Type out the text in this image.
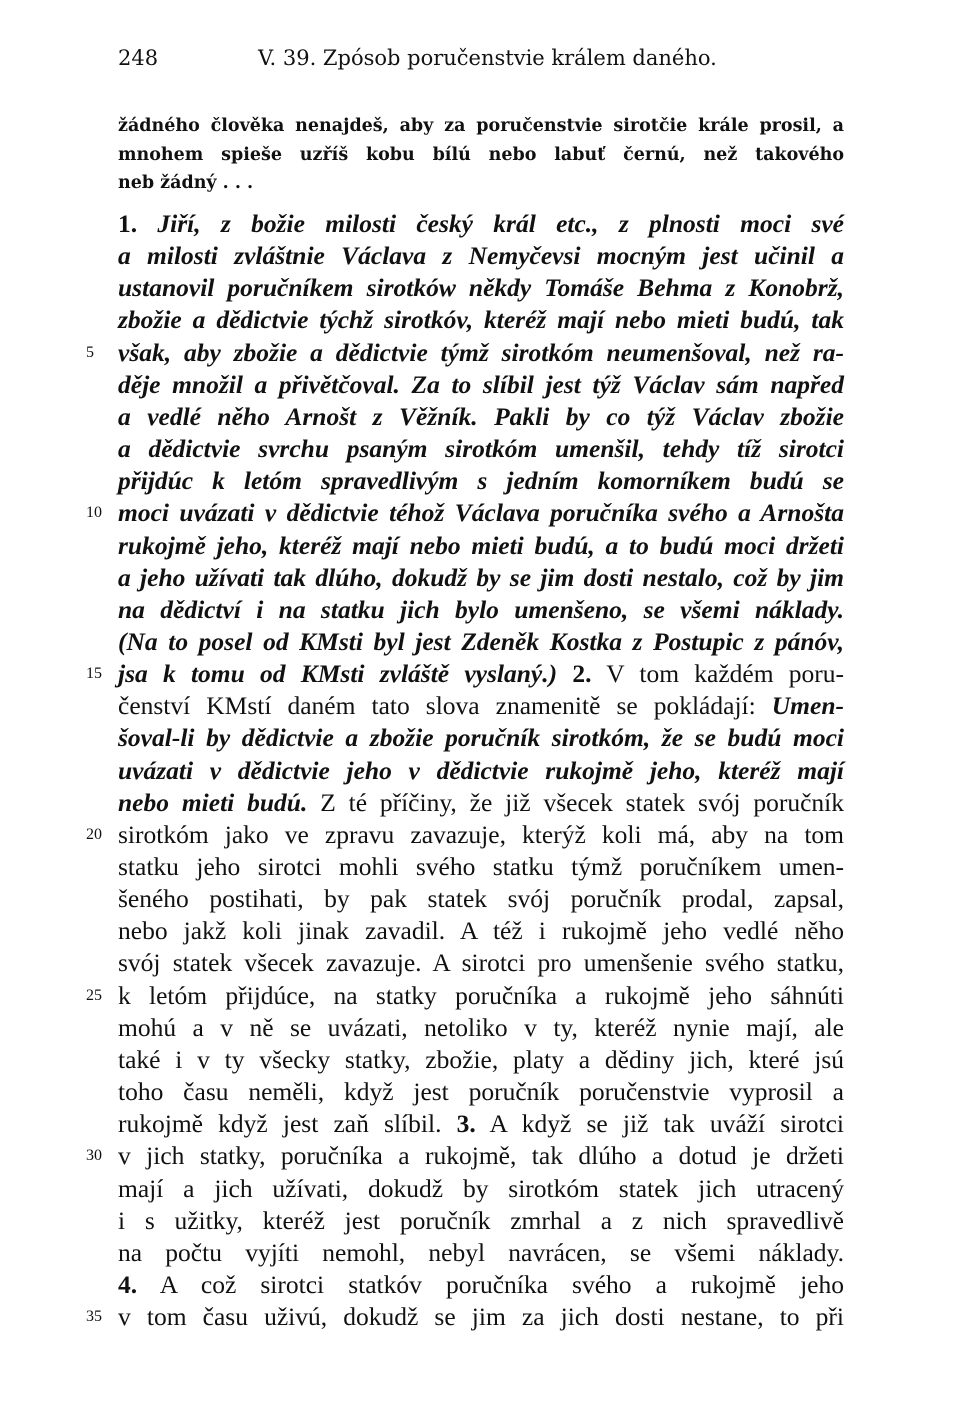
248	V. 39. Zpósob poručenstvie králem daného.
žádného člověka nenajdeš, aby za poručenstvie sirotčie krále prosil, a
mnohem spieše uzříš kobu bílú nebo labuť černú, než takového
neb žádný . . .
1. Jiří, z božie milosti český král etc., z plnosti moci své
a milosti zvláštnie Václava z Nemyčevsi mocným jest učinil a
ustanovil poručníkem sirotków někdy Tomáše Behma z Konobrž,
zbožie a dědictvie týchž sirotkóv, kteréž mají nebo mieti budú, tak
5 však, aby zbožie a dědictvie týmž sirotkóm neumenšoval, než ra-
děje množil a přivětčoval. Za to slíbil jest týž Václav sám napřed
a vedlé něho Arnošt z Věžník. Pakli by co týž Václav zbožie
a dědictvie svrchu psaným sirotkóm umenšil, tehdy tíž sirotci
přijdúc k letóm spravedlivým s jedním komorníkem budú se
10 moci uvázati v dědictvie téhož Václava poručníka svého a Arnošta
rukojmě jeho, kteréž mají nebo mieti budú, a to budú moci držeti
a jeho užívati tak dlúho, dokudž by se jim dosti nestalo, což by jim
na dědictví i na statku jich bylo umenšeno, se všemi náklady.
(Na to posel od KMsti byl jest Zdeněk Kostka z Postupic z pánóv,
15 jsa k tomu od KMsti zvláště vyslaný.) 2. V tom každém poru-
čenství KMstí daném tato slova znamenitě se pokládají: Umen-
šoval-li by dědictvie a zbožie poručník sirotkóm, že se budú moci
uvázati v dědictvie jeho v dědictvie rukojmě jeho, kteréž mají
nebo mieti budú. Z té příčiny, že již všecek statek svój poručník
20 sirotkóm jako ve zpravu zavazuje, kterýž koli má, aby na tom
statku jeho sirotci mohli svého statku týmž poručníkem umen-
šeného postihati, by pak statek svój poručník prodal, zapsal,
nebo jakž koli jinak zavadil. A též i rukojmě jeho vedlé něho
svój statek všecek zavazuje. A sirotci pro umenšenie svého statku,
25 k letóm přijdúce, na statky poručníka a rukojmě jeho sáhnúti
mohú a v ně se uvázati, netoliko v ty, kteréž nynie mají, ale
také i v ty všecky statky, zbožie, platy a dědiny jich, které jsú
toho času neměli, když jest poručník poručenstvie vyprosil a
rukojmě když jest zaň slíbil. 3. A když se již tak uváží sirotci
30 v jich statky, poručníka a rukojmě, tak dlúho a dotud je držeti
mají a jich užívati, dokudž by sirotkóm statek jich utracený
i s užitky, kteréž jest poručník zmrhal a z nich spravedlivě
na počtu vyjíti nemohl, nebyl navrácen, se všemi náklady.
4. A což sirotci statkóv poručníka svého a rukojmě jeho
35 v tom času uživú, dokudž se jim za jich dosti nestane, to při
